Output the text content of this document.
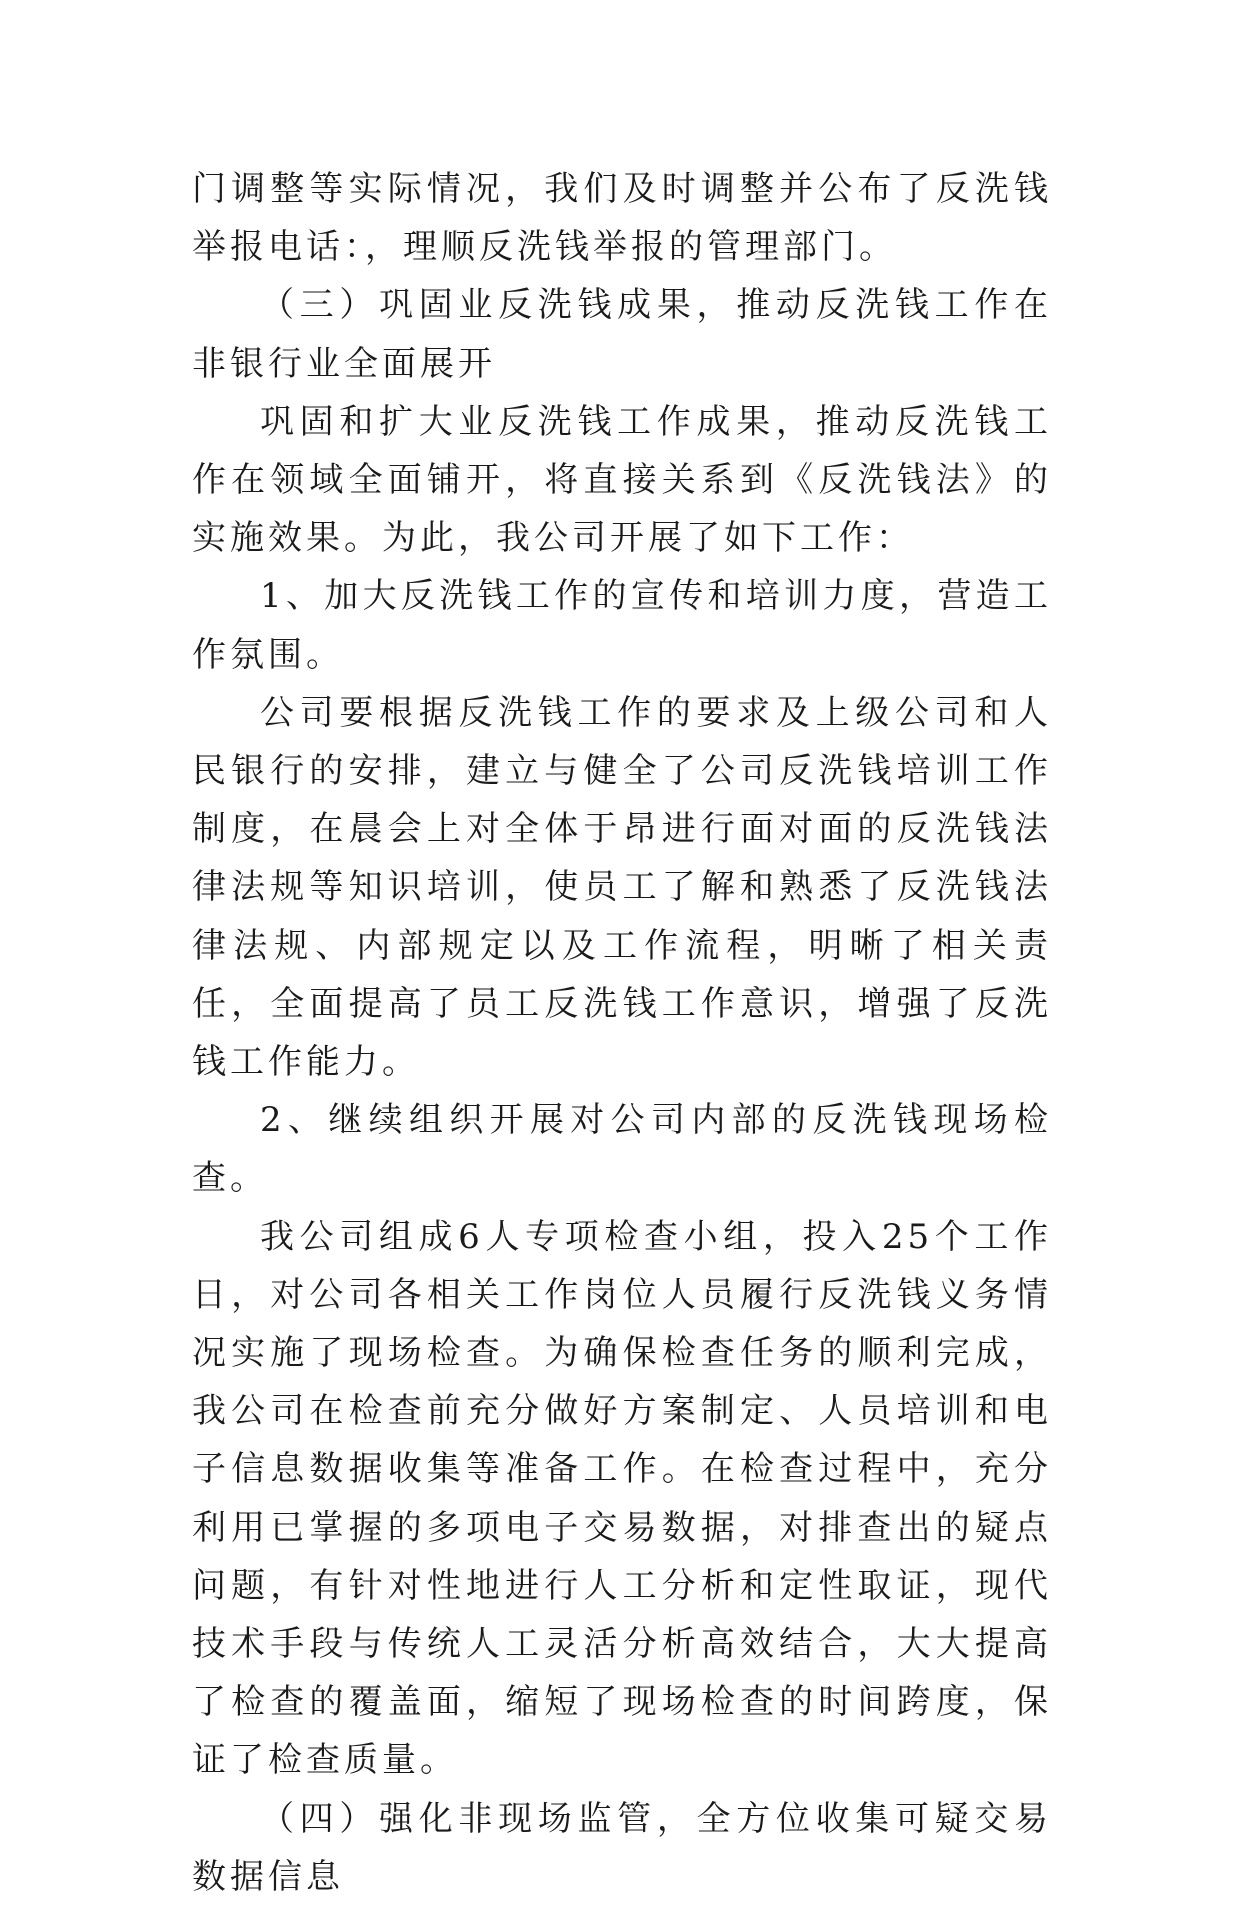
门调整等实际情况，我们及时调整并公布了反洗钱举报电话：，理顺反洗钱举报的管理部门。

（三）巩固业反洗钱成果，推动反洗钱工作在非银行业全面展开

巩固和扩大业反洗钱工作成果，推动反洗钱工作在领域全面铺开，将直接关系到《反洗钱法》的实施效果。为此，我公司开展了如下工作：

1、加大反洗钱工作的宣传和培训力度，营造工作氛围。

公司要根据反洗钱工作的要求及上级公司和人民银行的安排，建立与健全了公司反洗钱培训工作制度，在晨会上对全体于昂进行面对面的反洗钱法律法规等知识培训，使员工了解和熟悉了反洗钱法律法规、内部规定以及工作流程，明晰了相关责任，全面提高了员工反洗钱工作意识，增强了反洗钱工作能力。

2、继续组织开展对公司内部的反洗钱现场检查。

我公司组成6人专项检查小组，投入25个工作日，对公司各相关工作岗位人员履行反洗钱义务情况实施了现场检查。为确保检查任务的顺利完成，我公司在检查前充分做好方案制定、人员培训和电子信息数据收集等准备工作。在检查过程中，充分利用已掌握的多项电子交易数据，对排查出的疑点问题，有针对性地进行人工分析和定性取证，现代技术手段与传统人工灵活分析高效结合，大大提高了检查的覆盖面，缩短了现场检查的时间跨度，保证了检查质量。

（四）强化非现场监管，全方位收集可疑交易数据信息
